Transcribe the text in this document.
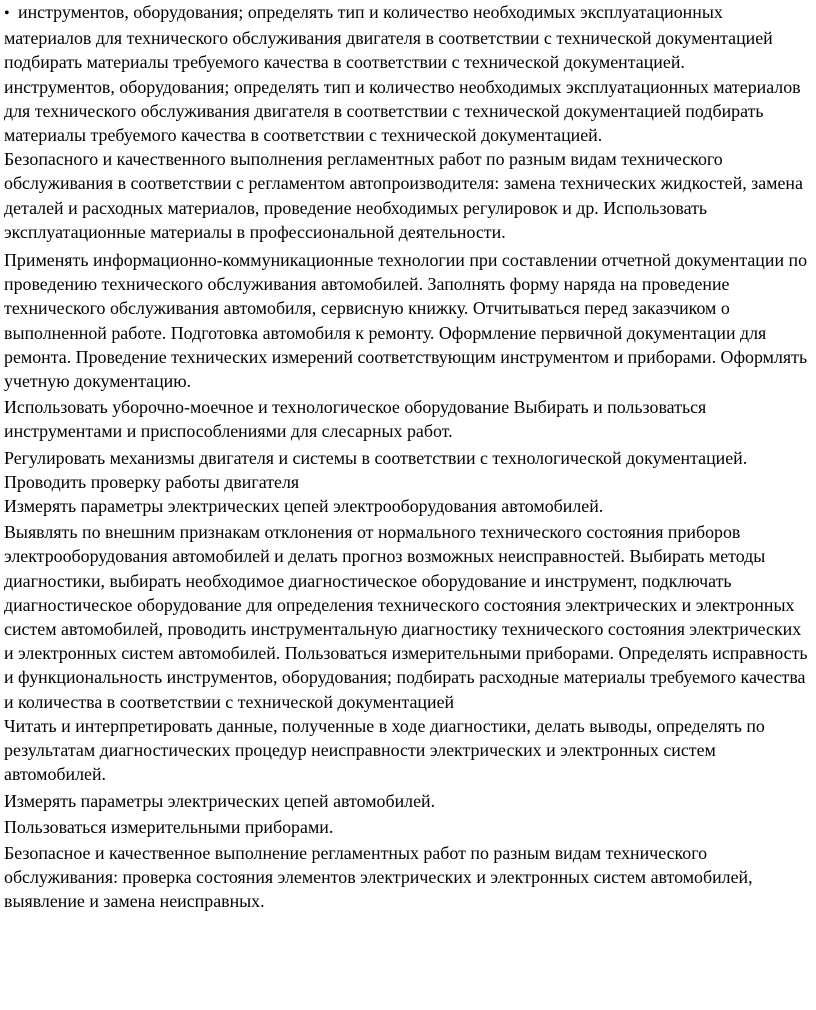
• инструментов, оборудования; определять тип и количество необходимых эксплуатационных материалов для технического обслуживания двигателя в соответствии с технической документацией подбирать материалы требуемого качества в соответствии с технической документацией.

инструментов, оборудования; определять тип и количество необходимых эксплуатационных материалов для технического обслуживания двигателя в соответствии с технической документацией подбирать материалы требуемого качества в соответствии с технической документацией.

Безопасного и качественного выполнения регламентных работ по разным видам технического обслуживания в соответствии с регламентом автопроизводителя: замена технических жидкостей, замена деталей и расходных материалов, проведение необходимых регулировок и др. Использовать эксплуатационные материалы в профессиональной деятельности.

Применять информационно-коммуникационные технологии при составлении отчетной документации по проведению технического обслуживания автомобилей. Заполнять форму наряда на проведение технического обслуживания автомобиля, сервисную книжку. Отчитываться перед заказчиком о выполненной работе. Подготовка автомобиля к ремонту. Оформление первичной документации для ремонта. Проведение технических измерений соответствующим инструментом и приборами. Оформлять учетную документацию.

Использовать уборочно-моечное и технологическое оборудование Выбирать и пользоваться инструментами и приспособлениями для слесарных работ.

Регулировать механизмы двигателя и системы в соответствии с технологической документацией. Проводить проверку работы двигателя

Измерять параметры электрических цепей электрооборудования автомобилей.

Выявлять по внешним признакам отклонения от нормального технического состояния приборов электрооборудования автомобилей и делать прогноз возможных неисправностей. Выбирать методы диагностики, выбирать необходимое диагностическое оборудование и инструмент, подключать диагностическое оборудование для определения технического состояния электрических и электронных систем автомобилей, проводить инструментальную диагностику технического состояния электрических и электронных систем автомобилей. Пользоваться измерительными приборами. Определять исправность и функциональность инструментов, оборудования; подбирать расходные материалы требуемого качества и количества в соответствии с технической документацией

Читать и интерпретировать данные, полученные в ходе диагностики, делать выводы, определять по результатам диагностических процедур неисправности электрических и электронных систем автомобилей.

Измерять параметры электрических цепей автомобилей.

Пользоваться измерительными приборами.

Безопасное и качественное выполнение регламентных работ по разным видам технического обслуживания: проверка состояния элементов электрических и электронных систем автомобилей, выявление и замена неисправных.
